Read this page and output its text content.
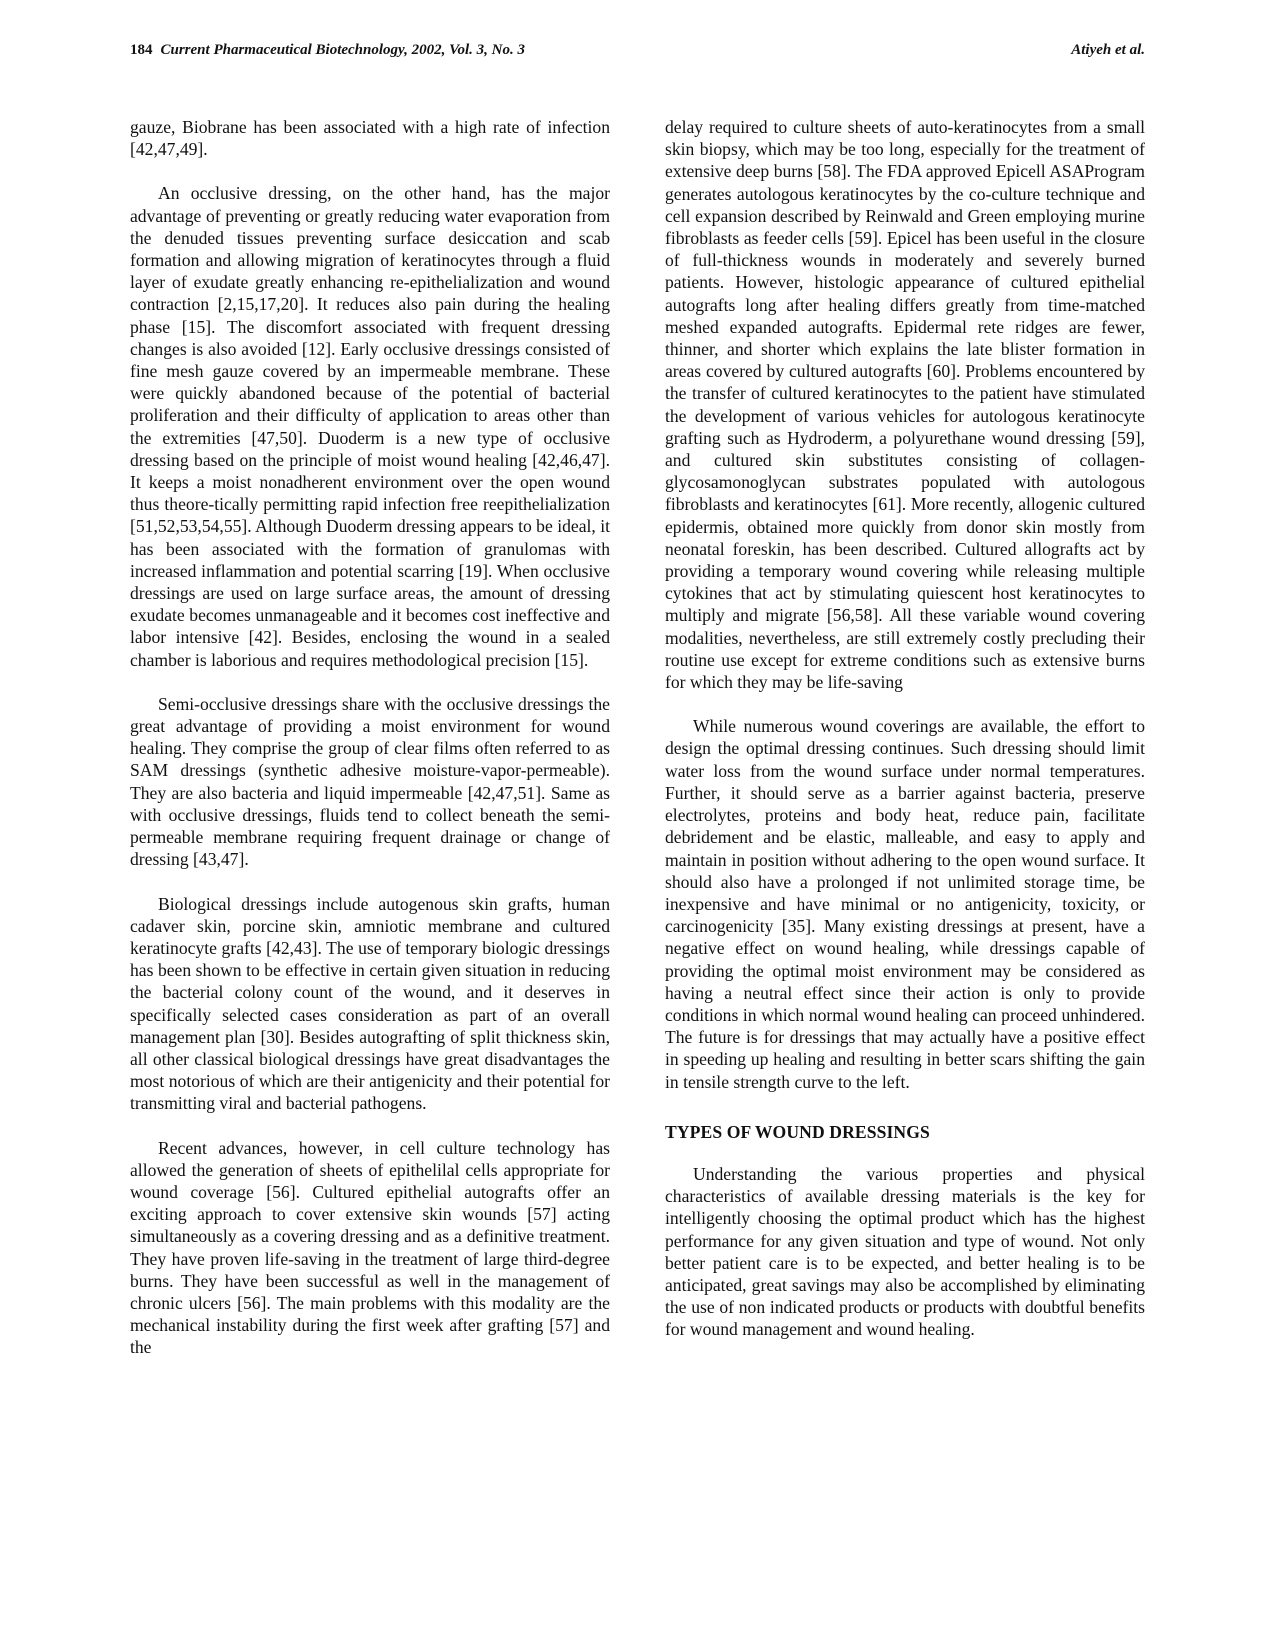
184 Current Pharmaceutical Biotechnology, 2002, Vol. 3, No. 3	Atiyeh et al.

gauze, Biobrane has been associated with a high rate of infection [42,47,49].

An occlusive dressing, on the other hand, has the major advantage of preventing or greatly reducing water evaporation from the denuded tissues preventing surface desiccation and scab formation and allowing migration of keratinocytes through a fluid layer of exudate greatly enhancing re-epithelialization and wound contraction [2,15,17,20]. It reduces also pain during the healing phase [15]. The discomfort associated with frequent dressing changes is also avoided [12]. Early occlusive dressings consisted of fine mesh gauze covered by an impermeable membrane. These were quickly abandoned because of the potential of bacterial proliferation and their difficulty of application to areas other than the extremities [47,50]. Duoderm is a new type of occlusive dressing based on the principle of moist wound healing [42,46,47]. It keeps a moist nonadherent environment over the open wound thus theore-tically permitting rapid infection free reepithelialization [51,52,53,54,55]. Although Duoderm dressing appears to be ideal, it has been associated with the formation of granulomas with increased inflammation and potential scarring [19]. When occlusive dressings are used on large surface areas, the amount of dressing exudate becomes unmanageable and it becomes cost ineffective and labor intensive [42]. Besides, enclosing the wound in a sealed chamber is laborious and requires methodological precision [15].

Semi-occlusive dressings share with the occlusive dressings the great advantage of providing a moist environment for wound healing. They comprise the group of clear films often referred to as SAM dressings (synthetic adhesive moisture-vapor-permeable). They are also bacteria and liquid impermeable [42,47,51]. Same as with occlusive dressings, fluids tend to collect beneath the semi-permeable membrane requiring frequent drainage or change of dressing [43,47].

Biological dressings include autogenous skin grafts, human cadaver skin, porcine skin, amniotic membrane and cultured keratinocyte grafts [42,43]. The use of temporary biologic dressings has been shown to be effective in certain given situation in reducing the bacterial colony count of the wound, and it deserves in specifically selected cases consideration as part of an overall management plan [30]. Besides autografting of split thickness skin, all other classical biological dressings have great disadvantages the most notorious of which are their antigenicity and their potential for transmitting viral and bacterial pathogens.

Recent advances, however, in cell culture technology has allowed the generation of sheets of epithelilal cells appropriate for wound coverage [56]. Cultured epithelial autografts offer an exciting approach to cover extensive skin wounds [57] acting simultaneously as a covering dressing and as a definitive treatment. They have proven life-saving in the treatment of large third-degree burns. They have been successful as well in the management of chronic ulcers [56]. The main problems with this modality are the mechanical instability during the first week after grafting [57] and the

delay required to culture sheets of auto-keratinocytes from a small skin biopsy, which may be too long, especially for the treatment of extensive deep burns [58]. The FDA approved Epicell ASAProgram generates autologous keratinocytes by the co-culture technique and cell expansion described by Reinwald and Green employing murine fibroblasts as feeder cells [59]. Epicel has been useful in the closure of full-thickness wounds in moderately and severely burned patients. However, histologic appearance of cultured epithelial autografts long after healing differs greatly from time-matched meshed expanded autografts. Epidermal rete ridges are fewer, thinner, and shorter which explains the late blister formation in areas covered by cultured autografts [60]. Problems encountered by the transfer of cultured keratinocytes to the patient have stimulated the development of various vehicles for autologous keratinocyte grafting such as Hydroderm, a polyurethane wound dressing [59], and cultured skin substitutes consisting of collagen-glycosamonoglycan substrates populated with autologous fibroblasts and keratinocytes [61]. More recently, allogenic cultured epidermis, obtained more quickly from donor skin mostly from neonatal foreskin, has been described. Cultured allografts act by providing a temporary wound covering while releasing multiple cytokines that act by stimulating quiescent host keratinocytes to multiply and migrate [56,58]. All these variable wound covering modalities, nevertheless, are still extremely costly precluding their routine use except for extreme conditions such as extensive burns for which they may be life-saving

While numerous wound coverings are available, the effort to design the optimal dressing continues. Such dressing should limit water loss from the wound surface under normal temperatures. Further, it should serve as a barrier against bacteria, preserve electrolytes, proteins and body heat, reduce pain, facilitate debridement and be elastic, malleable, and easy to apply and maintain in position without adhering to the open wound surface. It should also have a prolonged if not unlimited storage time, be inexpensive and have minimal or no antigenicity, toxicity, or carcinogenicity [35]. Many existing dressings at present, have a negative effect on wound healing, while dressings capable of providing the optimal moist environment may be considered as having a neutral effect since their action is only to provide conditions in which normal wound healing can proceed unhindered. The future is for dressings that may actually have a positive effect in speeding up healing and resulting in better scars shifting the gain in tensile strength curve to the left.

TYPES OF WOUND DRESSINGS

Understanding the various properties and physical characteristics of available dressing materials is the key for intelligently choosing the optimal product which has the highest performance for any given situation and type of wound. Not only better patient care is to be expected, and better healing is to be anticipated, great savings may also be accomplished by eliminating the use of non indicated products or products with doubtful benefits for wound management and wound healing.
